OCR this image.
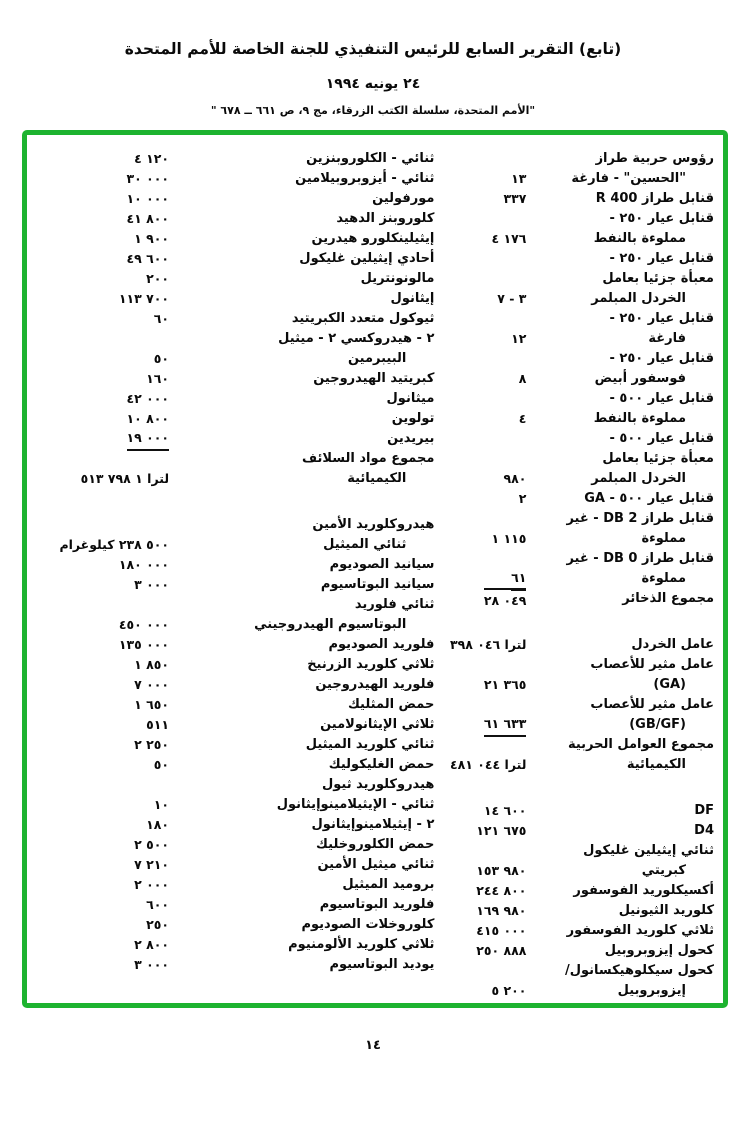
(تابع) التقرير السابع للرئيس التنفيذي للجنة الخاصة للأمم المتحدة
٢٤ يونيه ١٩٩٤
"الأمم المتحدة، سلسلة الكتب الزرقاء، مج ٩، ص ٦٦١ ــ ٦٧٨ "
رؤوس حربية طراز
"الحسين" - فارغة
١٣
قنابل طراز R 400
٣٣٧
قنابل عيار ٢٥٠ -
مملوءة بالنفط
٤‎ ١٧٦
قنابل عيار ٢٥٠ -
معبأة جزئيا بعامل
الخردل المبلمر
٧‎ - ٣
قنابل عيار ٢٥٠ -
فارغة
١٢
قنابل عيار ٢٥٠ -
فوسفور أبيض
٨
قنابل عيار ٥٠٠ -
مملوءة بالنفط
٤
قنابل عيار ٥٠٠ -
معبأة جزئيا بعامل
الخردل المبلمر
٩٨٠
قنابل عيار ٥٠٠ - GA
٢
قنابل طراز DB 2 - غير
مملوءة
١‎ ١١٥
قنابل طراز DB 0 - غير
مملوءة
٦١
مجموع الذخائر
٢٨‎ ٠٤٩
عامل الخردل
٣٩٨‎ ٠٤٦‎ لترا
عامل مثير للأعصاب
(GA)
٢١‎ ٣٦٥
عامل مثير للأعصاب
(GB/GF)
٦١‎ ٦٣٣
مجموع العوامل الحربية
الكيميائية
٤٨١‎ ٠٤٤‎ لترا
DF
١٤‎ ٦٠٠
D4
١٢١‎ ٦٧٥
ثنائي إيثيلين غليكول
كبريتي
١٥٣‎ ٩٨٠
أكسيكلوريد الفوسفور
٢٤٤‎ ٨٠٠
كلوريد الثيونيل
١٦٩‎ ٩٨٠
ثلاثي كلوريد الفوسفور
٤١٥‎ ٠٠٠
كحول إيزوبروبيل
٢٥٠‎ ٨٨٨
كحول سيكلوهيكسانول/
إيزوبروبيل
٥‎ ٢٠٠
ثنائي - الكلوروبنزين
٤‎ ١٢٠
ثنائي - أيزوبروبيلامين
٣٠‎ ٠٠٠
مورفولين
١٠‎ ٠٠٠
كلوروبنز الدهيد
٤١‎ ٨٠٠
إيثيلينكلورو هيدرين
١‎ ٩٠٠
أحادي إيثيلين غليكول
٤٩‎ ٦٠٠
مالونونتريل
٢٠٠
إيثانول
١١٣‎ ٧٠٠
ثيوكول متعدد الكبريتيد
٦٠
٢ - هيدروكسي ٢ - ميثيل
البيبرمين
٥٠
كبريتيد الهيدروجين
١٦٠
ميثانول
٤٢‎ ٠٠٠
تولوين
١٠‎ ٨٠٠
بيريدين
١٩‎ ٠٠٠
مجموع مواد السلائف
الكيميائية
٥١٣‎ ٧٩٨‎ ١‎ لترا
هيدروكلوريد الأمين
ثنائي الميثيل
كيلوغرام‎ ٢٣٨‎ ٥٠٠
سيانيد الصوديوم
١٨٠‎ ٠٠٠
سيانيد البوتاسيوم
٣‎ ٠٠٠
ثنائي فلوريد
البوتاسيوم الهيدروجيني
٤٥٠‎ ٠٠٠
فلوريد الصوديوم
١٣٥‎ ٠٠٠
ثلاثي كلوريد الزرنيخ
١‎ ٨٥٠
فلوريد الهيدروجين
٧‎ ٠٠٠
حمض المثليك
١‎ ٦٥٠
ثلاثي الإيثانولامين
٥١١
ثنائي كلوريد الميثيل
٢‎ ٢٥٠
حمض الغليكوليك
٥٠
هيدروكلوريد ثيول
ثنائي - الإيثيلامينوإيثانول
١٠
٢ - إيثيلامينوإيثانول
١٨٠
حمض الكلوروخليك
٢‎ ٥٠٠
ثنائي ميثيل الأمين
٧‎ ٢١٠
بروميد الميثيل
٢‎ ٠٠٠
فلوريد البوتاسيوم
٦٠٠
كلوروخلات الصوديوم
٢٥٠
ثلاثي كلوريد الألومنيوم
٢‎ ٨٠٠
يوديد البوتاسيوم
٣‎ ٠٠٠
١٤
